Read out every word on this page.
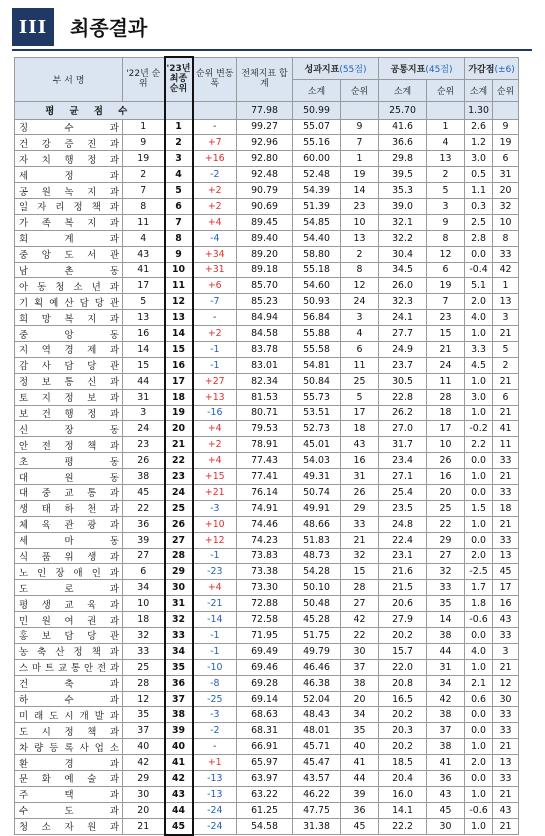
III	최종결과
부 서 명	'22년 순위	'23년 최종 순위	순위 변동폭	전체지표 합계	성과지표(55점)		공통지표(45점)		가감점(±6)	
					소계	순위	소계	순위	소계	순위
평 균 점 수				77.98	50.99		25.70		1.30	
징 수 과	1	1	-	99.27	55.07	9	41.6	1	2.6	9
건 강 증 진 과	9	2	+7	92.96	55.16	7	36.6	4	1.2	19
자 치 행 정 과	19	3	+16	92.80	60.00	1	29.8	13	3.0	6
세 정 과	2	4	-2	92.48	52.48	19	39.5	2	0.5	31
공 원 녹 지 과	7	5	+2	90.79	54.39	14	35.3	5	1.1	20
일 자 리 정 책 과	8	6	+2	90.69	51.39	23	39.0	3	0.3	32
가 족 복 지 과	11	7	+4	89.45	54.85	10	32.1	9	2.5	10
회 계 과	4	8	-4	89.40	54.40	13	32.2	8	2.8	8
중 앙 도 서 관	43	9	+34	89.20	58.80	2	30.4	12	0.0	33
남 촌 동	41	10	+31	89.18	55.18	8	34.5	6	-0.4	42
아 동 청 소 년 과	17	11	+6	85.70	54.60	12	26.0	19	5.1	1
기 획 예 산 담 당 관	5	12	-7	85.23	50.93	24	32.3	7	2.0	13
희 망 복 지 과	13	13	-	84.94	56.84	3	24.1	23	4.0	3
중 앙 동	16	14	+2	84.58	55.88	4	27.7	15	1.0	21
지 역 경 제 과	14	15	-1	83.78	55.58	6	24.9	21	3.3	5
감 사 담 당 관	15	16	-1	83.01	54.81	11	23.7	24	4.5	2
정 보 통 신 과	44	17	+27	82.34	50.84	25	30.5	11	1.0	21
토 지 정 보 과	31	18	+13	81.53	55.73	5	22.8	28	3.0	6
보 건 행 정 과	3	19	-16	80.71	53.51	17	26.2	18	1.0	21
신 장 동	24	20	+4	79.53	52.73	18	27.0	17	-0.2	41
안 전 정 책 과	23	21	+2	78.91	45.01	43	31.7	10	2.2	11
초 평 동	26	22	+4	77.43	54.03	16	23.4	26	0.0	33
대 원 동	38	23	+15	77.41	49.31	31	27.1	16	1.0	21
대 중 교 통 과	45	24	+21	76.14	50.74	26	25.4	20	0.0	33
생 태 하 천 과	22	25	-3	74.91	49.91	29	23.5	25	1.5	18
체 육 관 광 과	36	26	+10	74.46	48.66	33	24.8	22	1.0	21
세 마 동	39	27	+12	74.23	51.83	21	22.4	29	0.0	33
식 품 위 생 과	27	28	-1	73.83	48.73	32	23.1	27	2.0	13
노 인 장 애 인 과	6	29	-23	73.38	54.28	15	21.6	32	-2.5	45
도 로 과	34	30	+4	73.30	50.10	28	21.5	33	1.7	17
평 생 교 육 과	10	31	-21	72.88	50.48	27	20.6	35	1.8	16
민 원 여 권 과	18	32	-14	72.58	45.28	42	27.9	14	-0.6	43
홍 보 담 당 관	32	33	-1	71.95	51.75	22	20.2	38	0.0	33
농 축 산 정 책 과	33	34	-1	69.49	49.79	30	15.7	44	4.0	3
스 마 트 교 통 안 전 과	25	35	-10	69.46	46.46	37	22.0	31	1.0	21
건 축 과	28	36	-8	69.28	46.38	38	20.8	34	2.1	12
하 수 과	12	37	-25	69.14	52.04	20	16.5	42	0.6	30
미 래 도 시 개 발 과	35	38	-3	68.63	48.43	34	20.2	38	0.0	33
도 시 정 책 과	37	39	-2	68.31	48.01	35	20.3	37	0.0	33
차 량 등 록 사 업 소	40	40	-	66.91	45.71	40	20.2	38	1.0	21
환 경 과	42	41	+1	65.97	45.47	41	18.5	41	2.0	13
문 화 예 술 과	29	42	-13	63.97	43.57	44	20.4	36	0.0	33
주 택 과	30	43	-13	63.22	46.22	39	16.0	43	1.0	21
수 도 과	20	44	-24	61.25	47.75	36	14.1	45	-0.6	43
청 소 자 원 과	21	45	-24	54.58	31.38	45	22.2	30	1.0	21
